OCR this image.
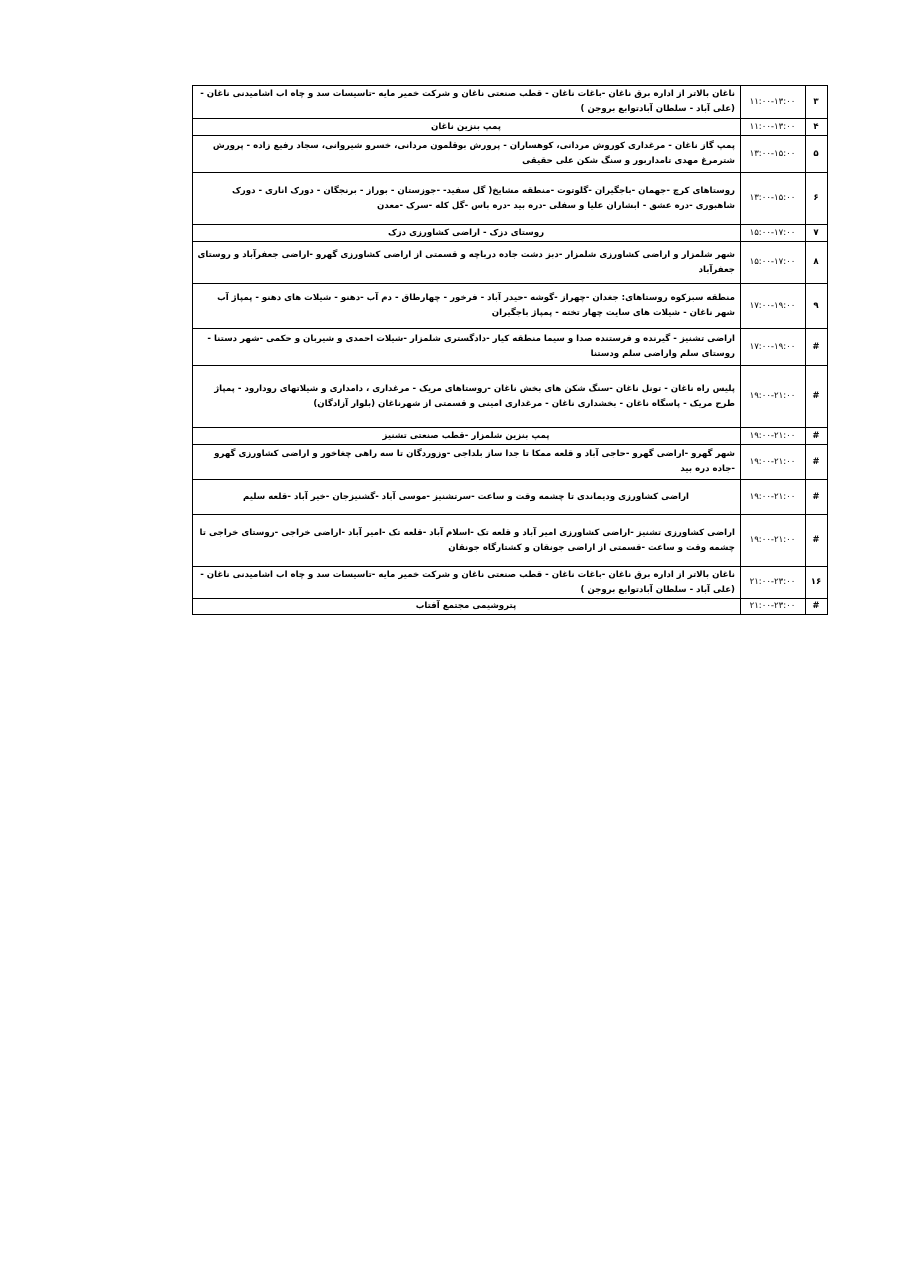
۳	۱۱:۰۰-۱۳:۰۰	ناغان بالاتر از اداره برق ناغان -باغات ناغان - قطب صنعتی ناغان و شرکت خمیر مایه -تاسیسات سد و چاه اب اشامیدنی ناغان - (علی آباد - سلطان آبادتوابع بروجن )
۴	۱۱:۰۰-۱۳:۰۰	پمپ بنزین ناغان
۵	۱۳:۰۰-۱۵:۰۰	پمپ گاز ناغان - مرغداری کوروش مردانی، کوهساران - پرورش بوقلمون مردانی، خسرو شیروانی، سجاد رفیع زاده - پرورش شترمرغ مهدی تامداربور و سنگ شکن علی حقیقی
۶	۱۳:۰۰-۱۵:۰۰	روستاهای کرچ -جهمان -باجگیران -گلوتوت -منطقه مشایخ( گل سفید- -جوزستان - بوراز - برنجگان - دورک اناری - دورک شاهبوری -دره عشق - ابشاران علیا و سفلی -دره بید -دره باس -گل کله -سرک -معدن
۷	۱۵:۰۰-۱۷:۰۰	روستای دزک - اراضی کشاورزی دزک
۸	۱۵:۰۰-۱۷:۰۰	شهر شلمزار و اراضی کشاورزی شلمزار -دبز دشت جاده درباچه و قسمتی از اراضی کشاورزی گهرو -اراضی جعفرآباد و روستای جعفرآباد
۹	۱۷:۰۰-۱۹:۰۰	منطقه سبزکوه روستاهای: جغدان -چهراز -گوشه -حیدر آباد - فرخور - چهارطاق - دم آب -دهنو - شیلات های دهنو - پمپاژ آب شهر ناغان - شیلات های سایت چهار تخته - پمپاژ باجگیران
#	۱۷:۰۰-۱۹:۰۰	اراضی تشنیز - گیرنده و فرستنده صدا و سیما منطقه کیار -دادگستری شلمزار -شیلات احمدی و شیربان و حکمی -شهر دستنا - روستای سلم واراضی سلم ودستنا
#	۱۹:۰۰-۲۱:۰۰	پلیس راه ناغان - تونل ناغان -سنگ شکن های بخش ناغان -روستاهای مریک - مرغداری ، دامداری و شیلاتهای رودارود - پمپاژ طرح مریک - پاسگاه ناغان - بخشداری ناغان - مرغداری امینی و قسمتی از شهرناغان (بلوار آزادگان)
#	۱۹:۰۰-۲۱:۰۰	پمپ بنزین شلمزار -قطب صنعتی تشنیز
#	۱۹:۰۰-۲۱:۰۰	شهر گهرو -اراضی گهرو -حاجی آباد و قلعه ممکا تا جدا ساز بلداجی -وزوردگان تا سه راهی چغاخور و اراضی کشاورزی گهرو -جاده دره بید
#	۱۹:۰۰-۲۱:۰۰	اراضی کشاورزی ودیماندی تا چشمه وقت و ساعت -سرتشنیز -موسی آباد -گشنیزجان -خیر آباد -قلعه سلیم
#	۱۹:۰۰-۲۱:۰۰	اراضی کشاورزی تشنیز -اراضی کشاورزی امیر آباد و قلعه تک -اسلام آباد -قلعه تک -امیر آباد -اراضی خراجی -روستای خراجی تا چشمه وقت و ساعت -قسمتی از اراضی جونقان و کشتارگاه جونقان
۱۶	۲۱:۰۰-۲۳:۰۰	ناغان بالاتر از اداره برق ناغان -باغات ناغان - قطب صنعتی ناغان و شرکت خمیر مایه -تاسیسات سد و چاه اب اشامیدنی ناغان - (علی آباد - سلطان آبادتوابع بروجن )
#	۲۱:۰۰-۲۳:۰۰	پتروشیمی مجتمع آفتاب
